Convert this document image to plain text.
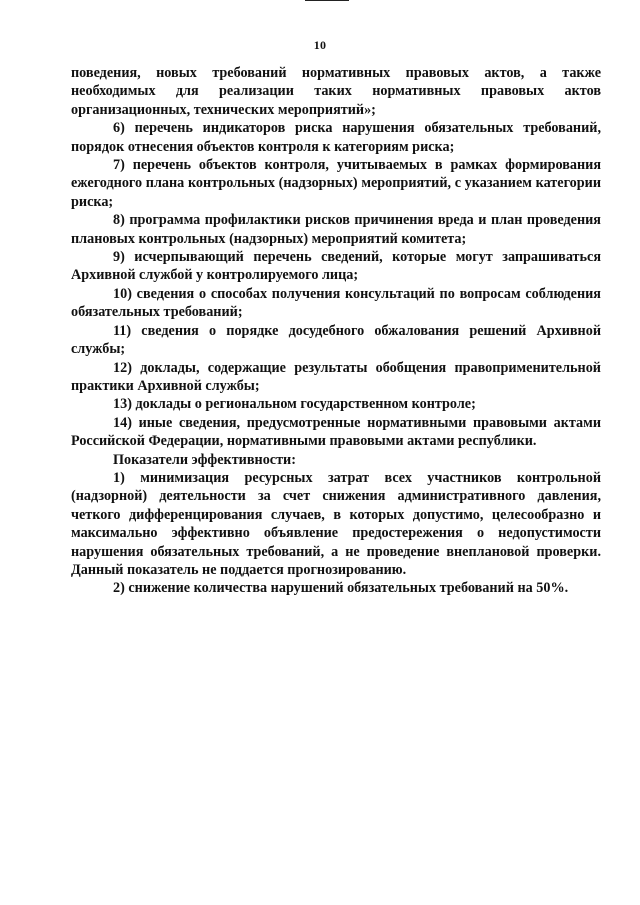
10

поведения, новых требований нормативных правовых актов, а также необходимых для реализации таких нормативных правовых актов организационных, технических мероприятий»;

6) перечень индикаторов риска нарушения обязательных требований, порядок отнесения объектов контроля к категориям риска;

7) перечень объектов контроля, учитываемых в рамках формирования ежегодного плана контрольных (надзорных) мероприятий, с указанием категории риска;

8) программа профилактики рисков причинения вреда и план проведения плановых контрольных (надзорных) мероприятий комитета;

9) исчерпывающий перечень сведений, которые могут запрашиваться Архивной службой у контролируемого лица;

10) сведения о способах получения консультаций по вопросам соблюдения обязательных требований;

11) сведения о порядке досудебного обжалования решений Архивной службы;

12) доклады, содержащие результаты обобщения правоприменительной практики Архивной службы;

13) доклады о региональном государственном контроле;

14) иные сведения, предусмотренные нормативными правовыми актами Российской Федерации, нормативными правовыми актами республики.

Показатели эффективности:

1) минимизация ресурсных затрат всех участников контрольной (надзорной) деятельности за счет снижения административного давления, четкого дифференцирования случаев, в которых допустимо, целесообразно и максимально эффективно объявление предостережения о недопустимости нарушения обязательных требований, а не проведение внеплановой проверки. Данный показатель не поддается прогнозированию.

2) снижение количества нарушений обязательных требований на 50%.
